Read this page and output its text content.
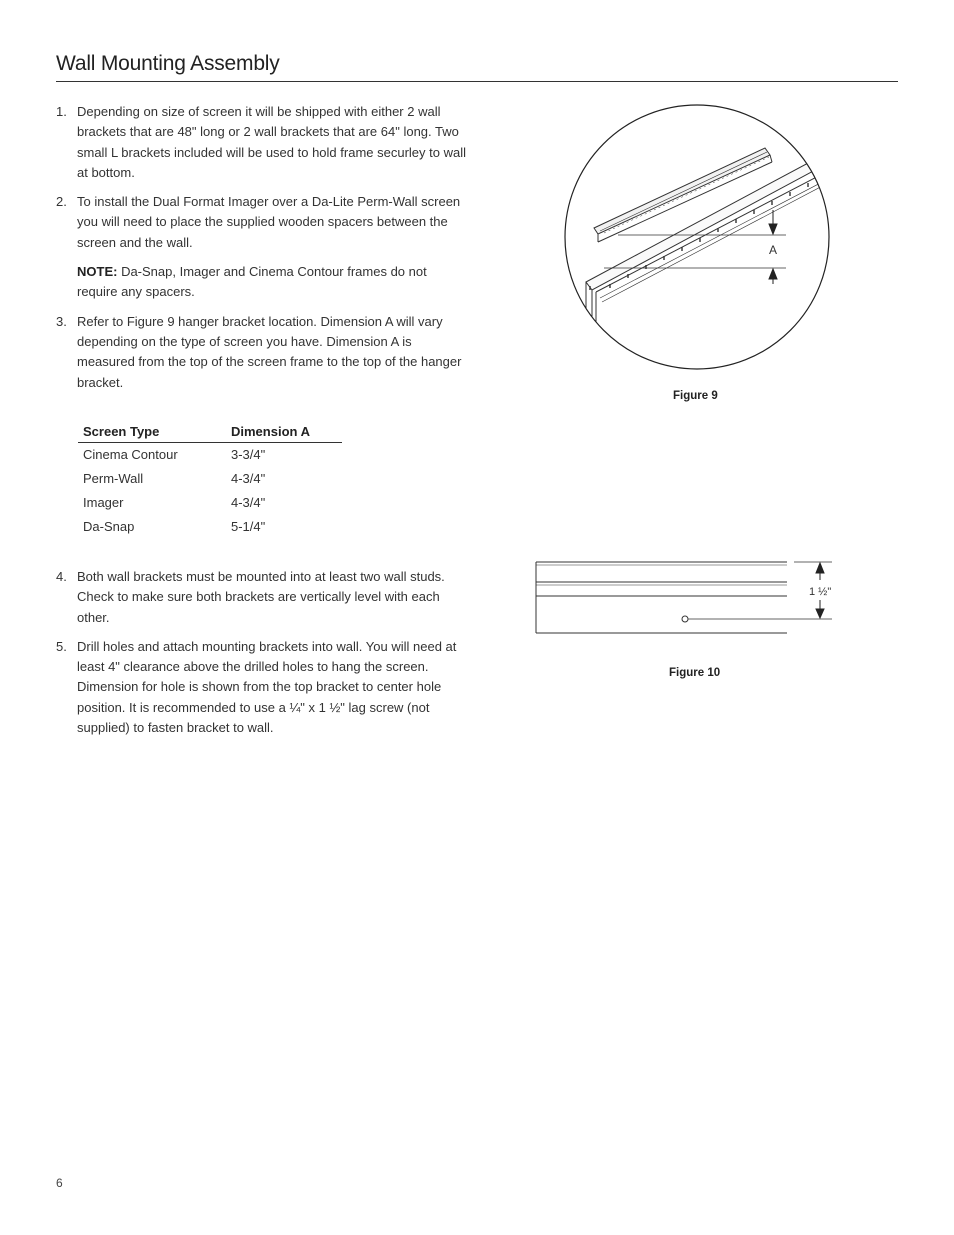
Wall Mounting Assembly
1. Depending on size of screen it will be shipped with either 2 wall brackets that are 48" long or 2 wall brackets that are 64" long. Two small L brackets included will be used to hold frame securley to wall at bottom.
2. To install the Dual Format Imager over a Da-Lite Perm-Wall screen you will need to place the supplied wooden spacers between the screen and the wall.
NOTE: Da-Snap, Imager and Cinema Contour frames do not require any spacers.
3. Refer to Figure 9 hanger bracket location. Dimension A will vary depending on the type of screen you have. Dimension A is measured from the top of the screen frame to the top of the hanger bracket.
Screen Type	Dimension A
Cinema Contour	3-3/4"
Perm-Wall	4-3/4"
Imager	4-3/4"
Da-Snap	5-1/4"
4. Both wall brackets must be mounted into at least two wall studs. Check to make sure both brackets are vertically level with each other.
5. Drill holes and attach mounting brackets into wall. You will need at least 4" clearance above the drilled holes to hang the screen. Dimension for hole is shown from the top bracket to center hole position. It is recommended to use a ¼" x 1 ½" lag screw (not supplied) to fasten bracket to wall.
A
Figure 9
1 ½"
Figure 10
6
